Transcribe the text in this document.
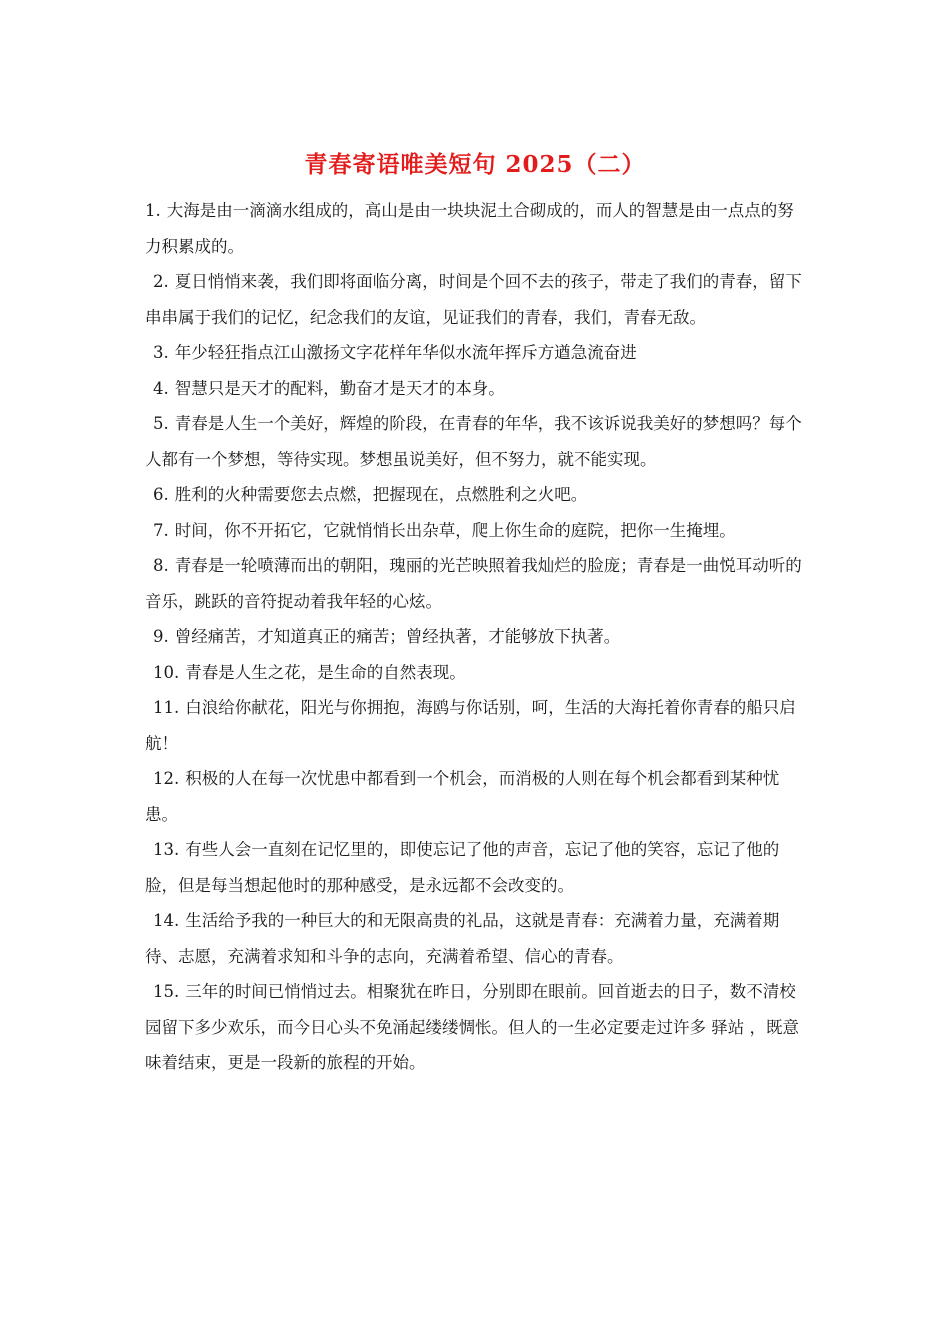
青春寄语唯美短句 2025（二）
1. 大海是由一滴滴水组成的，高山是由一块块泥土合砌成的，而人的智慧是由一点点的努力积累成的。
2. 夏日悄悄来袭，我们即将面临分离，时间是个回不去的孩子，带走了我们的青春，留下串串属于我们的记忆，纪念我们的友谊，见证我们的青春，我们，青春无敌。
3. 年少轻狂指点江山激扬文字花样年华似水流年挥斥方遒急流奋进
4. 智慧只是天才的配料，勤奋才是天才的本身。
5. 青春是人生一个美好，辉煌的阶段，在青春的年华，我不该诉说我美好的梦想吗？每个人都有一个梦想，等待实现。梦想虽说美好，但不努力，就不能实现。
6. 胜利的火种需要您去点燃，把握现在，点燃胜利之火吧。
7. 时间，你不开拓它，它就悄悄长出杂草，爬上你生命的庭院，把你一生掩埋。
8. 青春是一轮喷薄而出的朝阳，瑰丽的光芒映照着我灿烂的脸庞；青春是一曲悦耳动听的音乐，跳跃的音符捉动着我年轻的心炫。
9. 曾经痛苦，才知道真正的痛苦；曾经执著，才能够放下执著。
10. 青春是人生之花，是生命的自然表现。
11. 白浪给你献花，阳光与你拥抱，海鸥与你话别，呵，生活的大海托着你青春的船只启航！
12. 积极的人在每一次忧患中都看到一个机会，而消极的人则在每个机会都看到某种忧患。
13. 有些人会一直刻在记忆里的，即使忘记了他的声音，忘记了他的笑容，忘记了他的脸，但是每当想起他时的那种感受，是永远都不会改变的。
14. 生活给予我的一种巨大的和无限高贵的礼品，这就是青春：充满着力量，充满着期待、志愿，充满着求知和斗争的志向，充满着希望、信心的青春。
15. 三年的时间已悄悄过去。相聚犹在昨日，分别即在眼前。回首逝去的日子，数不清校园留下多少欢乐，而今日心头不免涌起缕缕惆怅。但人的一生必定要走过许多 驿站 ，既意味着结束，更是一段新的旅程的开始。
